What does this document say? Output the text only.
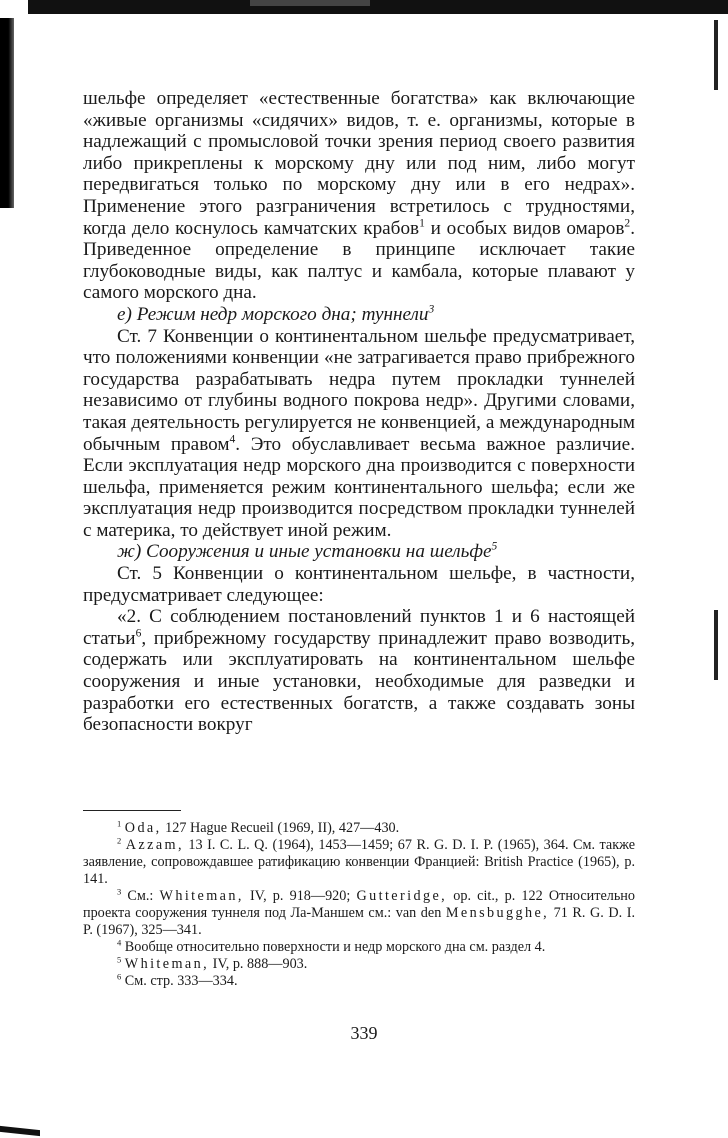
шельфе определяет «естественные богатства» как включающие «живые организмы «сидячих» видов, т. е. организмы, которые в надлежащий с промысловой точки зрения период своего развития либо прикреплены к морскому дну или под ним, либо могут передвигаться только по морскому дну или в его недрах». Применение этого разграничения встретилось с трудностями, когда дело коснулось камчатских крабов$^1$ и особых видов омаров$^2$. Приведенное определение в принципе исключает такие глубоководные виды, как палтус и камбала, которые плавают у самого морского дна.

е) Режим недр морского дна; туннели$^3$

Ст. 7 Конвенции о континентальном шельфе предусматривает, что положениями конвенции «не затрагивается право прибрежного государства разрабатывать недра путем прокладки туннелей независимо от глубины водного покрова недр». Другими словами, такая деятельность регулируется не конвенцией, а международным обычным правом$^4$. Это обуславливает весьма важное различие. Если эксплуатация недр морского дна производится с поверхности шельфа, применяется режим континентального шельфа; если же эксплуатация недр производится посредством прокладки туннелей с материка, то действует иной режим.

ж) Сооружения и иные установки на шельфе$^5$

Ст. 5 Конвенции о континентальном шельфе, в частности, предусматривает следующее:

«2. С соблюдением постановлений пунктов 1 и 6 настоящей статьи$^6$, прибрежному государству принадлежит право возводить, содержать или эксплуатировать на континентальном шельфе сооружения и иные установки, необходимые для разведки и разработки его естественных богатств, а также создавать зоны безопасности вокруг

$^1$ Oda, 127 Hague Recueil (1969, II), 427—430.

$^2$ Azzam, 13 I. C. L. Q. (1964), 1453—1459; 67 R. G. D. I. P. (1965), 364. См. также заявление, сопровождавшее ратификацию конвенции Францией: British Practice (1965), p. 141.

$^3$ См.: Whiteman, IV, p. 918—920; Gutteridge, op. cit., p. 122 Относительно проекта сооружения туннеля под Ла-Маншем см.: van den Mensbugghe, 71 R. G. D. I. P. (1967), 325—341.

$^4$ Вообще относительно поверхности и недр морского дна см. раздел 4.

$^5$ Whiteman, IV, p. 888—903.

$^6$ См. стр. 333—334.

339
